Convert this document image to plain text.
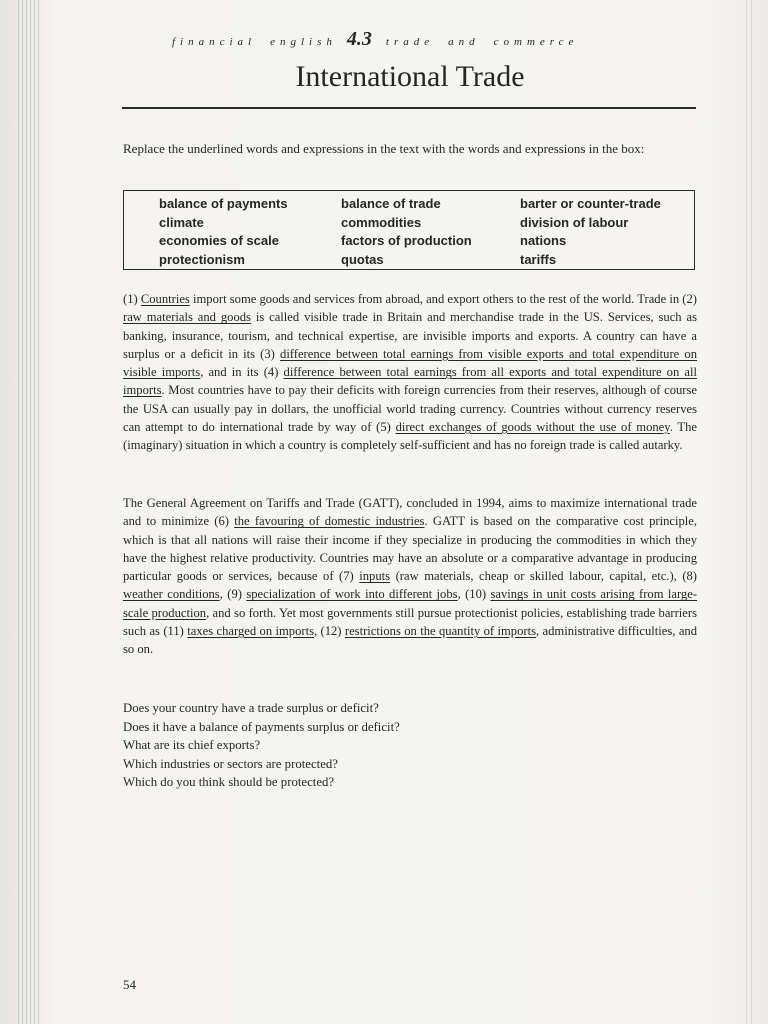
financial english 4.3 trade and commerce
International Trade
Replace the underlined words and expressions in the text with the words and expressions in the box:
balance of payments
climate
economies of scale
protectionism
balance of trade
commodities
factors of production
quotas
barter or counter-trade
division of labour
nations
tariffs

(1) Countries import some goods and services from abroad, and export others to the rest of the world. Trade in (2) raw materials and goods is called visible trade in Britain and merchandise trade in the US. Services, such as banking, insurance, tourism, and technical expertise, are invisible imports and exports. A country can have a surplus or a deficit in its (3) difference between total earnings from visible exports and total expenditure on visible imports, and in its (4) difference between total earnings from all exports and total expenditure on all imports. Most countries have to pay their deficits with foreign currencies from their reserves, although of course the USA can usually pay in dollars, the unofficial world trading currency. Countries without currency reserves can attempt to do international trade by way of (5) direct exchanges of goods without the use of money. The (imaginary) situation in which a country is completely self-sufficient and has no foreign trade is called autarky.

The General Agreement on Tariffs and Trade (GATT), concluded in 1994, aims to maximize international trade and to minimize (6) the favouring of domestic industries. GATT is based on the comparative cost principle, which is that all nations will raise their income if they specialize in producing the commodities in which they have the highest relative productivity. Countries may have an absolute or a comparative advantage in producing particular goods or services, because of (7) inputs (raw materials, cheap or skilled labour, capital, etc.), (8) weather conditions, (9) specialization of work into different jobs, (10) savings in unit costs arising from large-scale production, and so forth. Yet most governments still pursue protectionist policies, establishing trade barriers such as (11) taxes charged on imports, (12) restrictions on the quantity of imports, administrative difficulties, and so on.

Does your country have a trade surplus or deficit?
Does it have a balance of payments surplus or deficit?
What are its chief exports?
Which industries or sectors are protected?
Which do you think should be protected?
54
